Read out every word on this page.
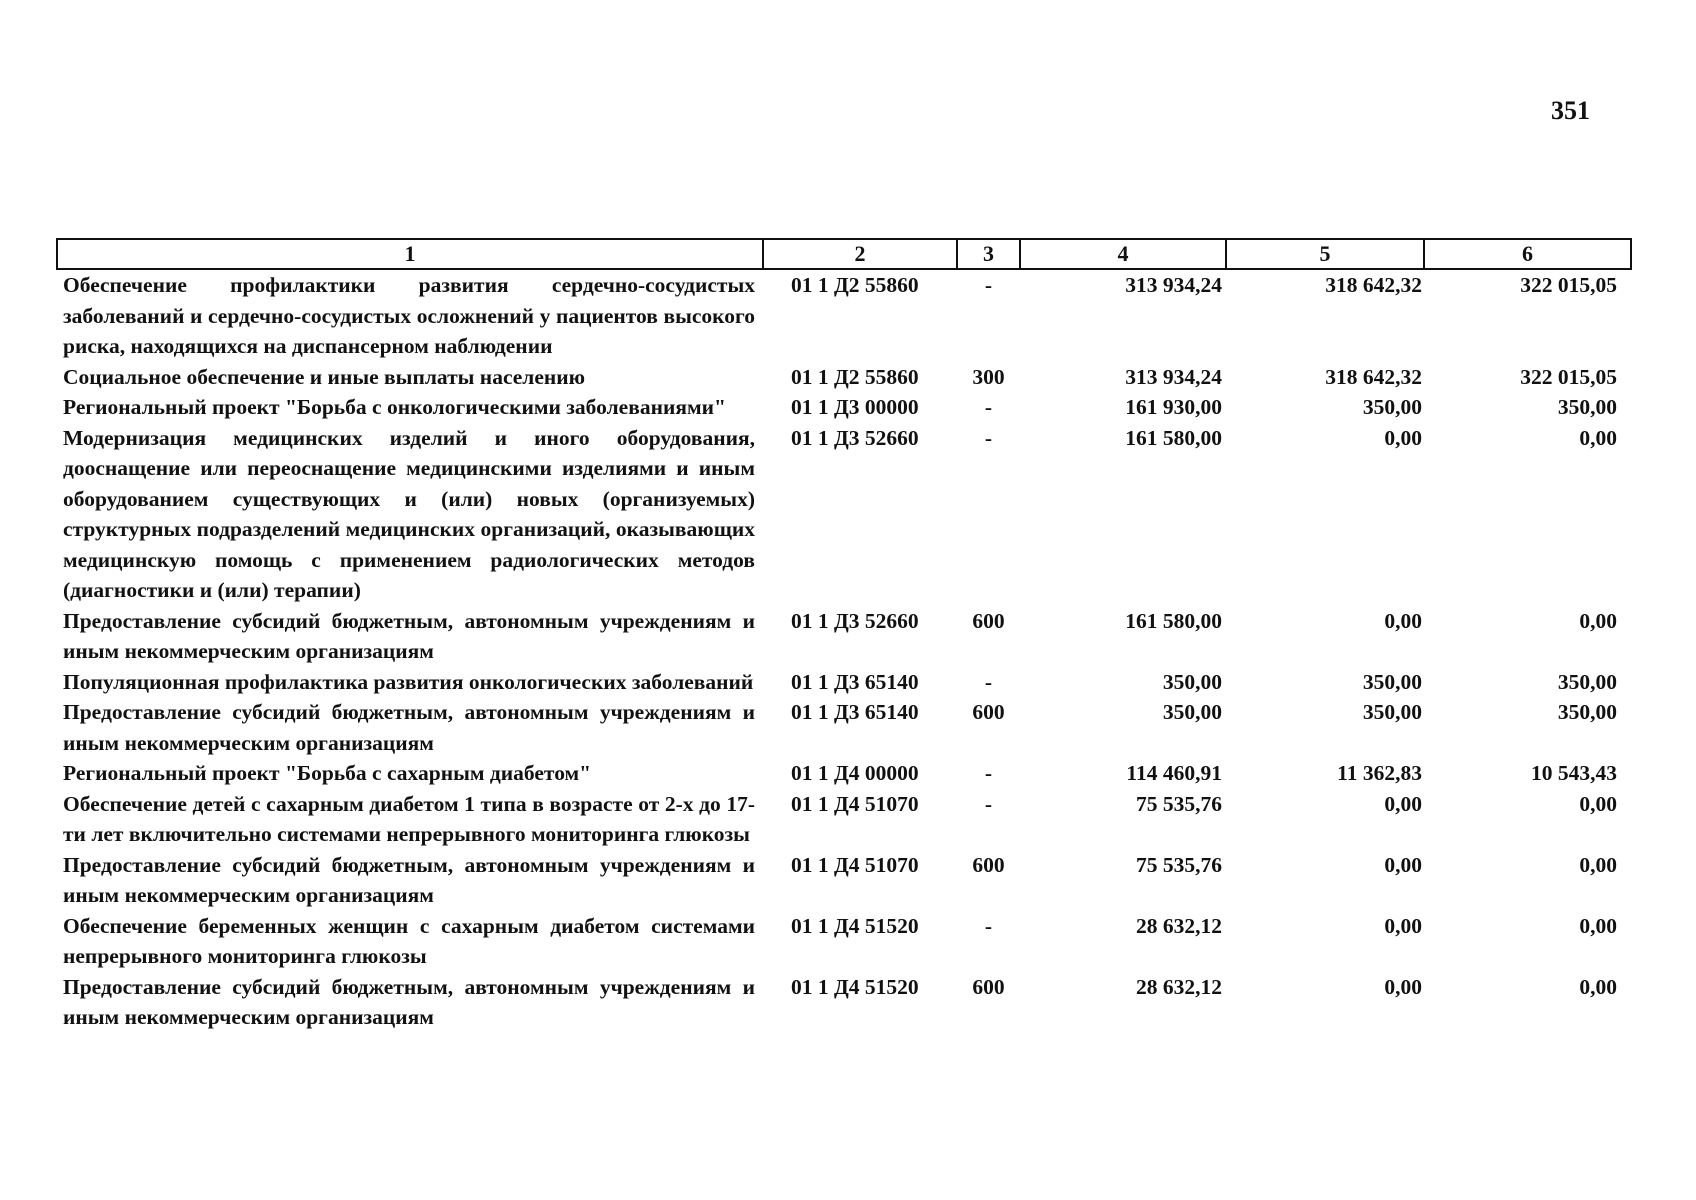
351
1	2	3	4	5	6
Обеспечение профилактики развития сердечно-сосудистых заболеваний и сердечно-сосудистых осложнений у пациентов высокого риска, находящихся на диспансерном наблюдении	01 1 Д2 55860	-	313 934,24	318 642,32	322 015,05
Социальное обеспечение и иные выплаты населению	01 1 Д2 55860	300	313 934,24	318 642,32	322 015,05
Региональный проект "Борьба с онкологическими заболеваниями"	01 1 Д3 00000	-	161 930,00	350,00	350,00
Модернизация медицинских изделий и иного оборудования, дооснащение или переоснащение медицинскими изделиями и иным оборудованием существующих и (или) новых (организуемых) структурных подразделений медицинских организаций, оказывающих медицинскую помощь с применением радиологических методов (диагностики и (или) терапии)	01 1 Д3 52660	-	161 580,00	0,00	0,00
Предоставление субсидий бюджетным, автономным учреждениям и иным некоммерческим организациям	01 1 Д3 52660	600	161 580,00	0,00	0,00
Популяционная профилактика развития онкологических заболеваний	01 1 Д3 65140	-	350,00	350,00	350,00
Предоставление субсидий бюджетным, автономным учреждениям и иным некоммерческим организациям	01 1 Д3 65140	600	350,00	350,00	350,00
Региональный проект "Борьба с сахарным диабетом"	01 1 Д4 00000	-	114 460,91	11 362,83	10 543,43
Обеспечение детей с сахарным диабетом 1 типа в возрасте от 2-х до 17-ти лет включительно системами непрерывного мониторинга глюкозы	01 1 Д4 51070	-	75 535,76	0,00	0,00
Предоставление субсидий бюджетным, автономным учреждениям и иным некоммерческим организациям	01 1 Д4 51070	600	75 535,76	0,00	0,00
Обеспечение беременных женщин с сахарным диабетом системами непрерывного мониторинга глюкозы	01 1 Д4 51520	-	28 632,12	0,00	0,00
Предоставление субсидий бюджетным, автономным учреждениям и иным некоммерческим организациям	01 1 Д4 51520	600	28 632,12	0,00	0,00
